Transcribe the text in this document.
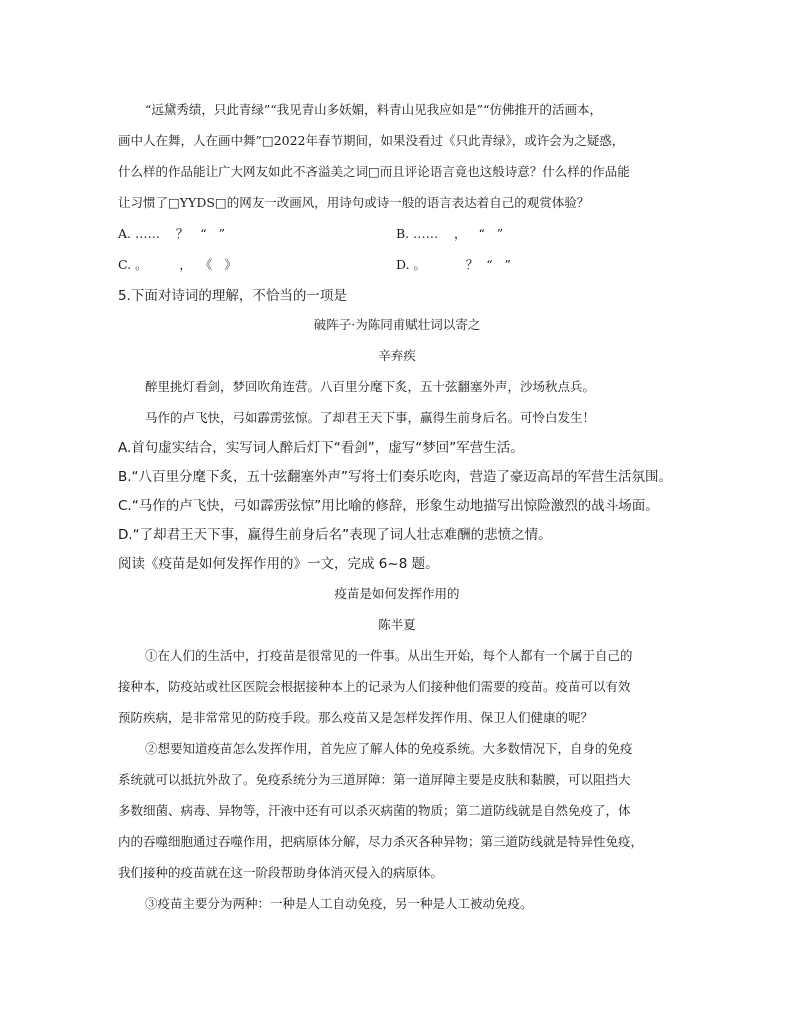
“远黛秀绩，只此青绿”“我见青山多妖媚，料青山见我应如是”“仿佛推开的活画本，
画中人在舞，人在画中舞”□2022年春节期间，如果没看过《只此青绿》，或许会为之疑惑，
什么样的作品能让广大网友如此不吝溢美之词□而且评论语言竟也这般诗意？什么样的作品能
让习惯了□YYDS□的网友一改画风，用诗句或诗一般的语言表达着自己的观赏体验？
A. ……    ？   “   ”	B. ……    ，   “   ”
C. 。        ，  《   》	D. 。          ？  “   ”
5.下面对诗词的理解，不恰当的一项是
破阵子·为陈同甫赋壮词以寄之
辛弃疾
醉里挑灯看剑，梦回吹角连营。八百里分麾下炙，五十弦翻塞外声，沙场秋点兵。
马作的卢飞快，弓如霹雳弦惊。了却君王天下事，赢得生前身后名。可怜白发生！
A.首句虚实结合，实写词人醉后灯下“看剑”，虚写“梦回”军营生活。
B.“八百里分麾下炙，五十弦翻塞外声”写将士们奏乐吃肉，营造了豪迈高昂的军营生活氛围。
C.“马作的卢飞快，弓如霹雳弦惊”用比喻的修辞，形象生动地描写出惊险激烈的战斗场面。
D.“了却君王天下事，赢得生前身后名”表现了词人壮志难酬的悲愤之情。
阅读《疫苗是如何发挥作用的》一文，完成 6~8 题。
疫苗是如何发挥作用的
陈半夏
①在人们的生活中，打疫苗是很常见的一件事。从出生开始，每个人都有一个属于自己的
接种本，防疫站或社区医院会根据接种本上的记录为人们接种他们需要的疫苗。疫苗可以有效
预防疾病，是非常常见的防疫手段。那么疫苗又是怎样发挥作用、保卫人们健康的呢？
②想要知道疫苗怎么发挥作用，首先应了解人体的免疫系统。大多数情况下，自身的免疫
系统就可以抵抗外敌了。免疫系统分为三道屏障：第一道屏障主要是皮肤和黏膜，可以阻挡大
多数细菌、病毒、异物等，汗液中还有可以杀灭病菌的物质；第二道防线就是自然免疫了，体
内的吞噬细胞通过吞噬作用，把病原体分解，尽力杀灭各种异物；第三道防线就是特异性免疫，
我们接种的疫苗就在这一阶段帮助身体消灭侵入的病原体。
③疫苗主要分为两种：一种是人工自动免疫，另一种是人工被动免疫。
